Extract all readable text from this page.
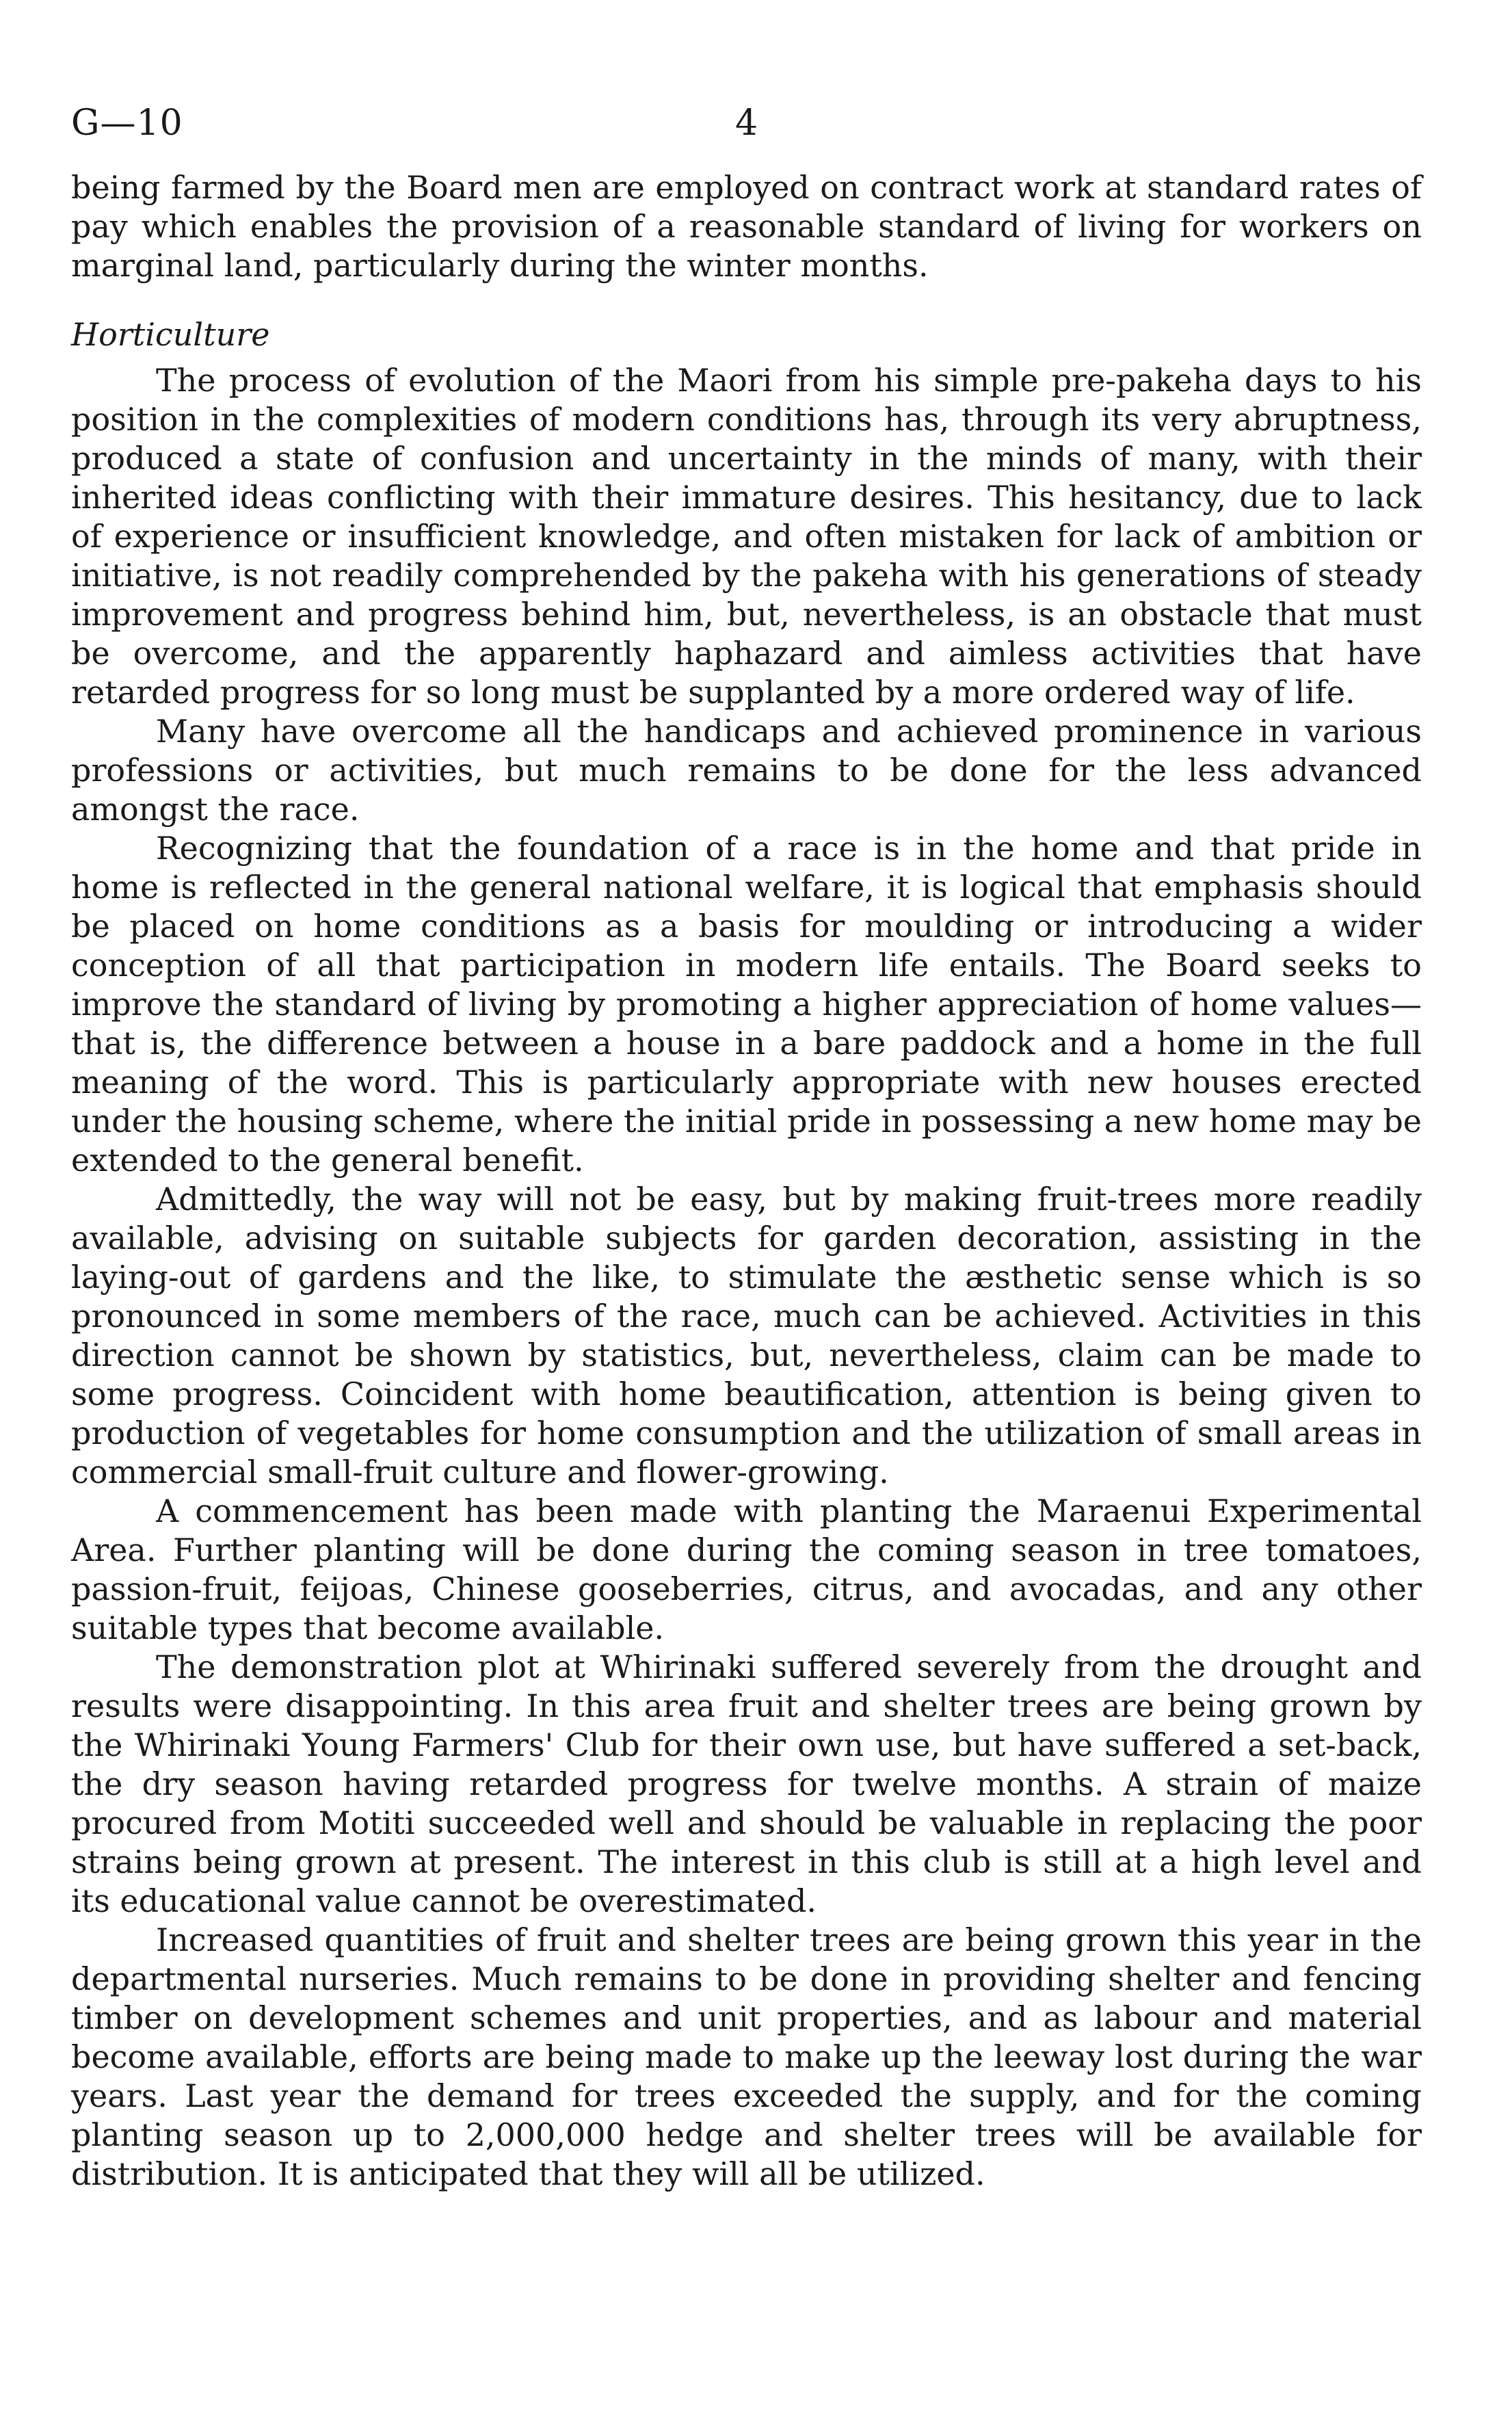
G—10	4

being farmed by the Board men are employed on contract work at standard rates of pay which enables the provision of a reasonable standard of living for workers on marginal land, particularly during the winter months.

Horticulture

The process of evolution of the Maori from his simple pre-pakeha days to his position in the complexities of modern conditions has, through its very abruptness, produced a state of confusion and uncertainty in the minds of many, with their inherited ideas conflicting with their immature desires. This hesitancy, due to lack of experience or insufficient knowledge, and often mistaken for lack of ambition or initiative, is not readily comprehended by the pakeha with his generations of steady improvement and progress behind him, but, nevertheless, is an obstacle that must be overcome, and the apparently haphazard and aimless activities that have retarded progress for so long must be supplanted by a more ordered way of life.

Many have overcome all the handicaps and achieved prominence in various professions or activities, but much remains to be done for the less advanced amongst the race.

Recognizing that the foundation of a race is in the home and that pride in home is reflected in the general national welfare, it is logical that emphasis should be placed on home conditions as a basis for moulding or introducing a wider conception of all that participation in modern life entails. The Board seeks to improve the standard of living by promoting a higher appreciation of home values—that is, the difference between a house in a bare paddock and a home in the full meaning of the word. This is particularly appropriate with new houses erected under the housing scheme, where the initial pride in possessing a new home may be extended to the general benefit.

Admittedly, the way will not be easy, but by making fruit-trees more readily available, advising on suitable subjects for garden decoration, assisting in the laying-out of gardens and the like, to stimulate the æsthetic sense which is so pronounced in some members of the race, much can be achieved. Activities in this direction cannot be shown by statistics, but, nevertheless, claim can be made to some progress. Coincident with home beautification, attention is being given to production of vegetables for home consumption and the utilization of small areas in commercial small-fruit culture and flower-growing.

A commencement has been made with planting the Maraenui Experimental Area. Further planting will be done during the coming season in tree tomatoes, passion-fruit, feijoas, Chinese gooseberries, citrus, and avocadas, and any other suitable types that become available.

The demonstration plot at Whirinaki suffered severely from the drought and results were disappointing. In this area fruit and shelter trees are being grown by the Whirinaki Young Farmers' Club for their own use, but have suffered a set-back, the dry season having retarded progress for twelve months. A strain of maize procured from Motiti succeeded well and should be valuable in replacing the poor strains being grown at present. The interest in this club is still at a high level and its educational value cannot be overestimated.

Increased quantities of fruit and shelter trees are being grown this year in the departmental nurseries. Much remains to be done in providing shelter and fencing timber on development schemes and unit properties, and as labour and material become available, efforts are being made to make up the leeway lost during the war years. Last year the demand for trees exceeded the supply, and for the coming planting season up to 2,000,000 hedge and shelter trees will be available for distribution. It is anticipated that they will all be utilized.
